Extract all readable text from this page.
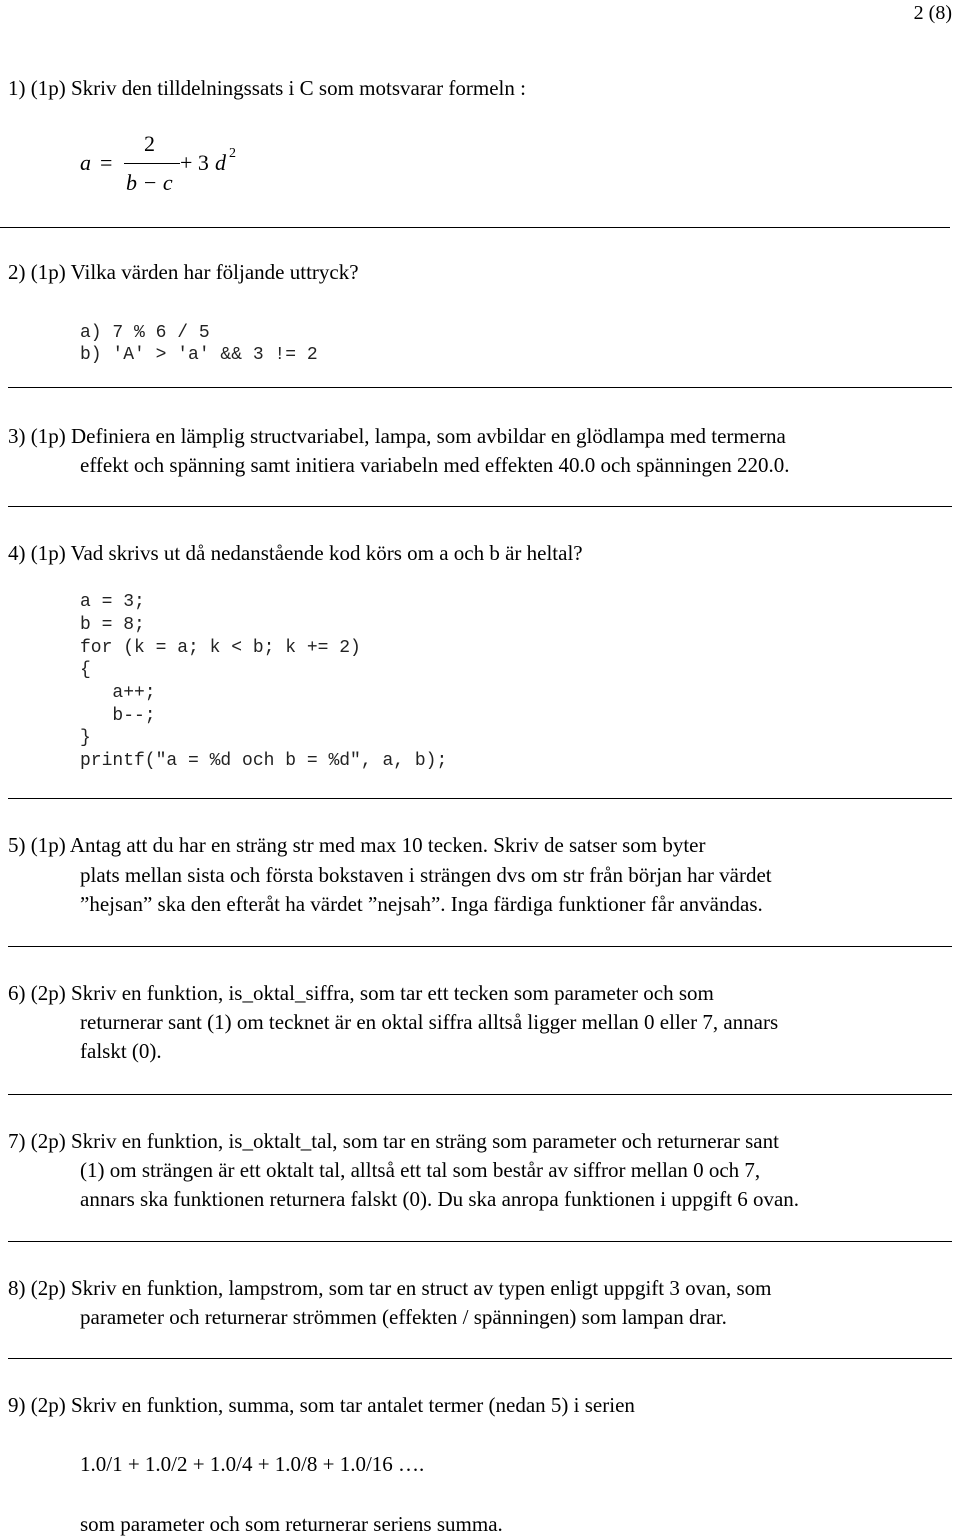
2 (8)
1) (1p) Skriv den tilldelningssats i C som motsvarar formeln :
a =
2
b − c
+ 3 d 2
2) (1p) Vilka värden har följande uttryck?
a) 7 % 6 / 5
b) ′A′ > ′a′ && 3 != 2
3) (1p) Definiera en lämplig structvariabel, lampa, som avbildar en glödlampa med termerna
effekt och spänning samt initiera variabeln med effekten 40.0 och spänningen 220.0.
4) (1p) Vad skrivs ut då nedanstående kod körs om a och b är heltal?
a = 3;
b = 8;
for (k = a; k < b; k += 2)
{
a++;
b--;
}
printf(″a = %d och b = %d″, a, b);
5) (1p) Antag att du har en sträng str med max 10 tecken. Skriv de satser som byter
plats mellan sista och första bokstaven i strängen dvs om str från början har värdet
”hejsan” ska den efteråt ha värdet ”nejsah”. Inga färdiga funktioner får användas.
6) (2p) Skriv en funktion, is_oktal_siffra, som tar ett tecken som parameter och som
returnerar sant (1) om tecknet är en oktal siffra alltså ligger mellan 0 eller 7, annars
falskt (0).
7) (2p) Skriv en funktion, is_oktalt_tal, som tar en sträng som parameter och returnerar sant
(1) om strängen är ett oktalt tal, alltså ett tal som består av siffror mellan 0 och 7,
annars ska funktionen returnera falskt (0). Du ska anropa funktionen i uppgift 6 ovan.
8) (2p) Skriv en funktion, lampstrom, som tar en struct av typen enligt uppgift 3 ovan, som
parameter och returnerar strömmen (effekten / spänningen) som lampan drar.
9) (2p) Skriv en funktion, summa, som tar antalet termer (nedan 5) i serien
1.0/1 + 1.0/2 + 1.0/4 + 1.0/8 + 1.0/16 ….
som parameter och som returnerar seriens summa.
